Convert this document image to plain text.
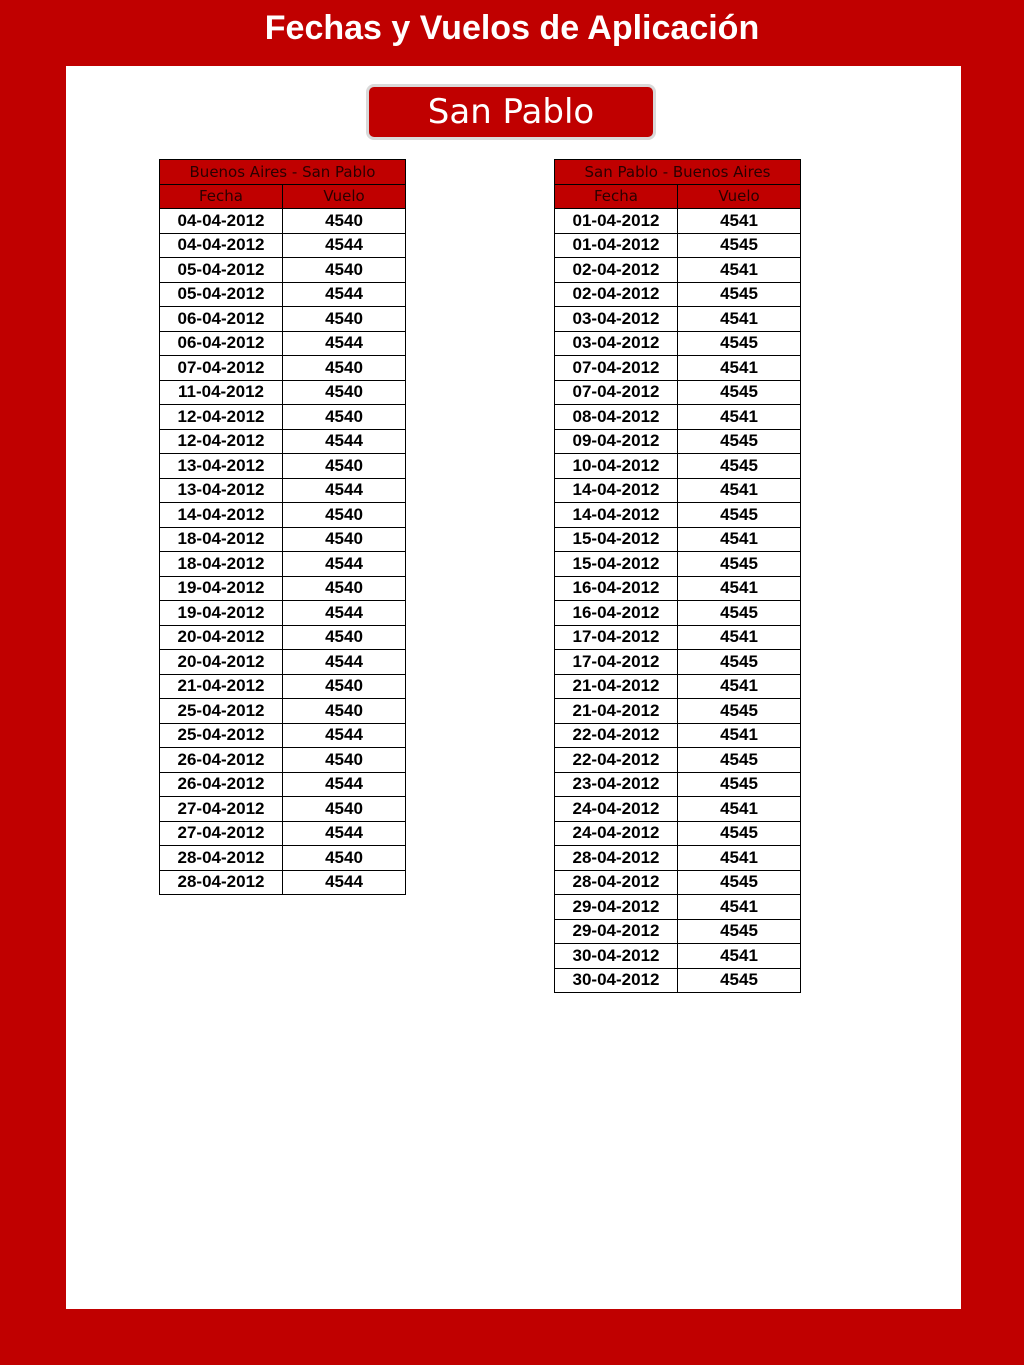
Fechas y Vuelos de Aplicación
San Pablo
Buenos Aires - San Pablo	
Fecha	Vuelo
04-04-2012	4540
04-04-2012	4544
05-04-2012	4540
05-04-2012	4544
06-04-2012	4540
06-04-2012	4544
07-04-2012	4540
11-04-2012	4540
12-04-2012	4540
12-04-2012	4544
13-04-2012	4540
13-04-2012	4544
14-04-2012	4540
18-04-2012	4540
18-04-2012	4544
19-04-2012	4540
19-04-2012	4544
20-04-2012	4540
20-04-2012	4544
21-04-2012	4540
25-04-2012	4540
25-04-2012	4544
26-04-2012	4540
26-04-2012	4544
27-04-2012	4540
27-04-2012	4544
28-04-2012	4540
28-04-2012	4544
San Pablo - Buenos Aires	
Fecha	Vuelo
01-04-2012	4541
01-04-2012	4545
02-04-2012	4541
02-04-2012	4545
03-04-2012	4541
03-04-2012	4545
07-04-2012	4541
07-04-2012	4545
08-04-2012	4541
09-04-2012	4545
10-04-2012	4545
14-04-2012	4541
14-04-2012	4545
15-04-2012	4541
15-04-2012	4545
16-04-2012	4541
16-04-2012	4545
17-04-2012	4541
17-04-2012	4545
21-04-2012	4541
21-04-2012	4545
22-04-2012	4541
22-04-2012	4545
23-04-2012	4545
24-04-2012	4541
24-04-2012	4545
28-04-2012	4541
28-04-2012	4545
29-04-2012	4541
29-04-2012	4545
30-04-2012	4541
30-04-2012	4545
